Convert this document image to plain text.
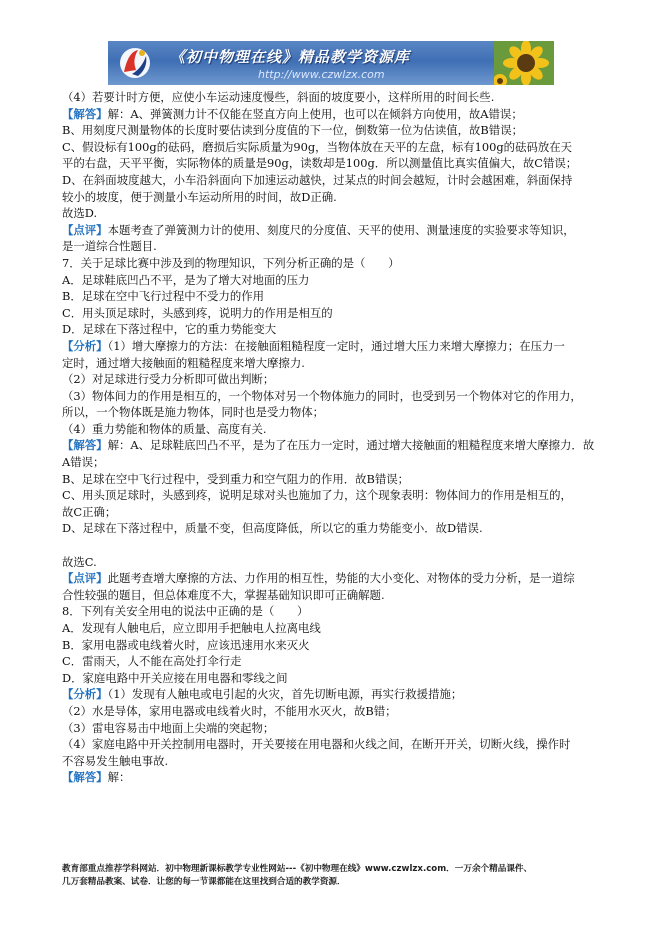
《初中物理在线》精品教学资源库
http://www.czwlzx.com

（4）若要计时方便，应使小车运动速度慢些，斜面的坡度要小，这样所用的时间长些.

【解答】解：A、弹簧测力计不仅能在竖直方向上使用，也可以在倾斜方向使用，故A错误；

B、用刻度尺测量物体的长度时要估读到分度值的下一位，倒数第一位为估读值，故B错误；

C、假设标有100g的砝码，磨损后实际质量为90g，当物体放在天平的左盘，标有100g的砝码放在天

平的右盘，天平平衡，实际物体的质量是90g，读数却是100g．所以测量值比真实值偏大，故C错误；

D、在斜面坡度越大，小车沿斜面向下加速运动越快，过某点的时间会越短，计时会越困难，斜面保持

较小的坡度，便于测量小车运动所用的时间，故D正确.

故选D.

【点评】本题考查了弹簧测力计的使用、刻度尺的分度值、天平的使用、测量速度的实验要求等知识，

是一道综合性题目.

7．关于足球比赛中涉及到的物理知识，下列分析正确的是（　　）

A．足球鞋底凹凸不平，是为了增大对地面的压力

B．足球在空中飞行过程中不受力的作用

C．用头顶足球时，头感到疼，说明力的作用是相互的

D．足球在下落过程中，它的重力势能变大

【分析】（1）增大摩擦力的方法：在接触面粗糙程度一定时，通过增大压力来增大摩擦力；在压力一

定时，通过增大接触面的粗糙程度来增大摩擦力.

（2）对足球进行受力分析即可做出判断；

（3）物体间力的作用是相互的，一个物体对另一个物体施力的同时，也受到另一个物体对它的作用力，

所以，一个物体既是施力物体，同时也是受力物体；

（4）重力势能和物体的质量、高度有关.

【解答】解：A、足球鞋底凹凸不平，是为了在压力一定时，通过增大接触面的粗糙程度来增大摩擦力．故

A错误；

B、足球在空中飞行过程中，受到重力和空气阻力的作用．故B错误；

C、用头顶足球时，头感到疼，说明足球对头也施加了力，这个现象表明：物体间力的作用是相互的，

故C正确；

D、足球在下落过程中，质量不变，但高度降低，所以它的重力势能变小．故D错误.

故选C.

【点评】此题考查增大摩擦的方法、力作用的相互性，势能的大小变化、对物体的受力分析，是一道综

合性较强的题目，但总体难度不大，掌握基础知识即可正确解题.

8．下列有关安全用电的说法中正确的是（　　）

A．发现有人触电后，应立即用手把触电人拉离电线

B．家用电器或电线着火时，应该迅速用水来灭火

C．雷雨天，人不能在高处打伞行走

D．家庭电路中开关应接在用电器和零线之间

【分析】（1）发现有人触电或电引起的火灾，首先切断电源，再实行救援措施；

（2）水是导体，家用电器或电线着火时，不能用水灭火，故B错；

（3）雷电容易击中地面上尖端的突起物；

（4）家庭电路中开关控制用电器时，开关要接在用电器和火线之间，在断开开关，切断火线，操作时

不容易发生触电事故.

【解答】解：

教育部重点推荐学科网站．初中物理新课标教学专业性网站---《初中物理在线》www.czwlzx.com．一万余个精品课件、

几万套精品教案、试卷．让您的每一节课都能在这里找到合适的教学资源．
